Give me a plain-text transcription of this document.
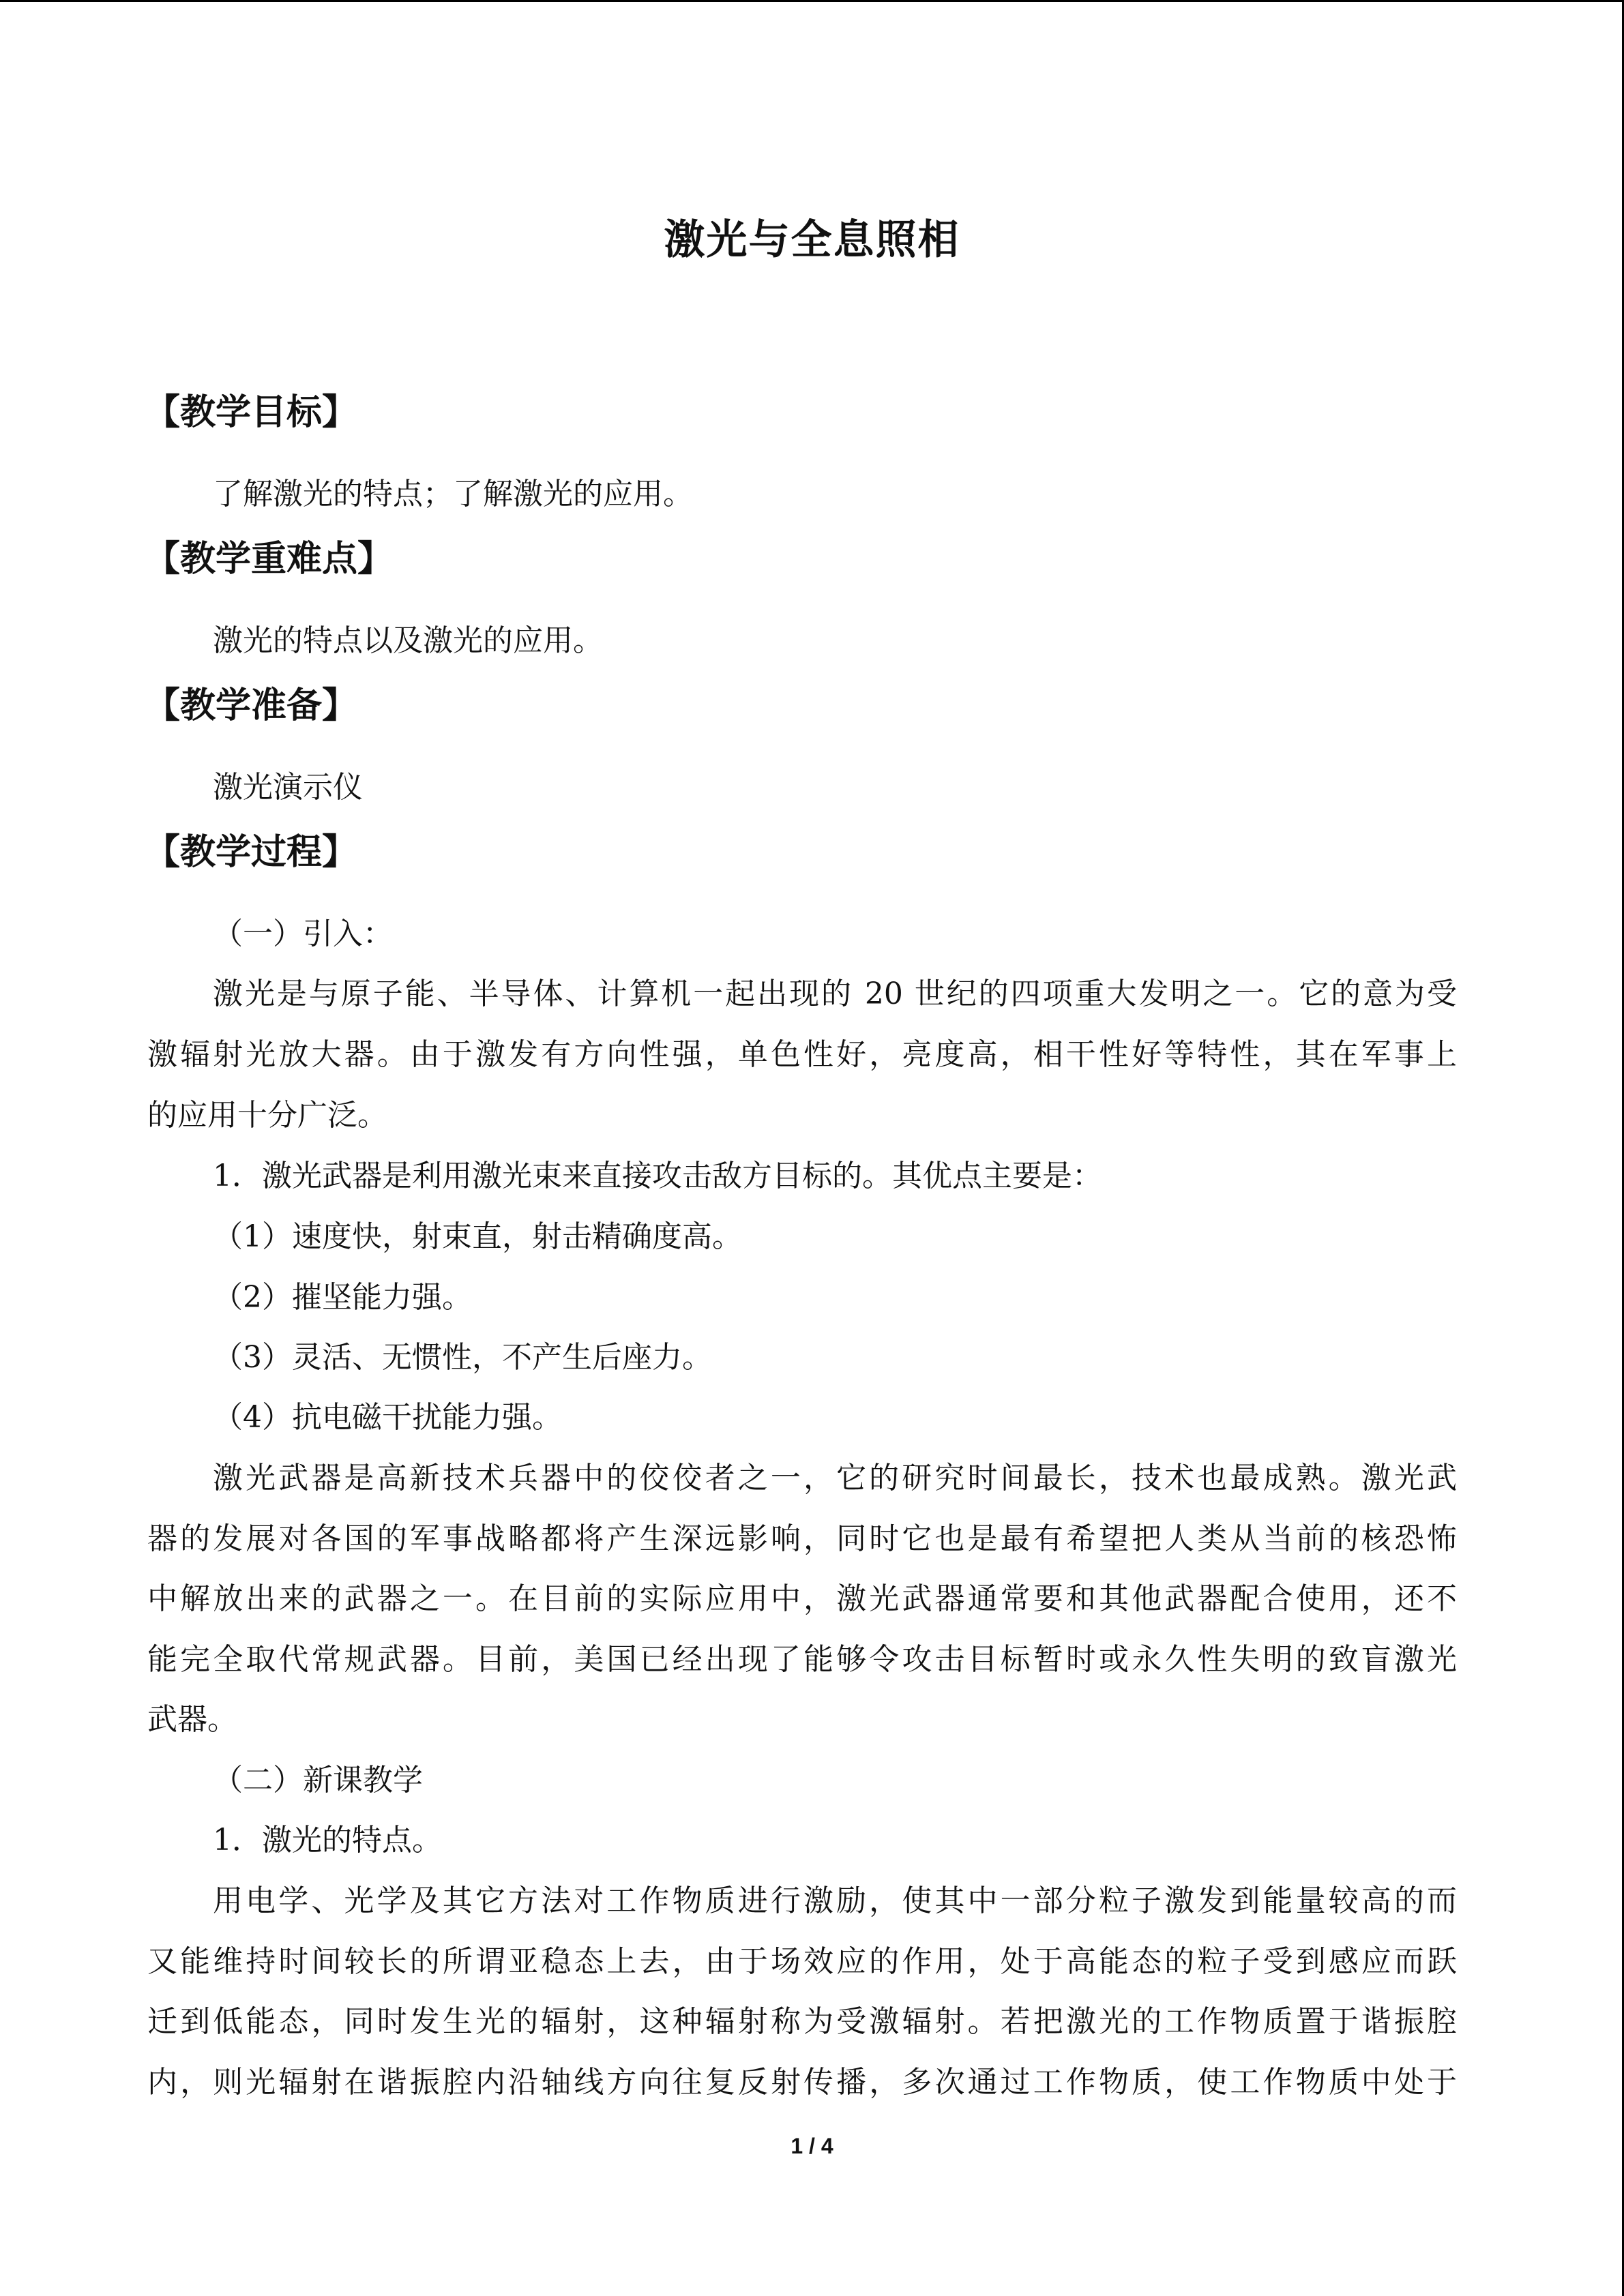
激光与全息照相
【教学目标】
了解激光的特点；了解激光的应用。
【教学重难点】
激光的特点以及激光的应用。
【教学准备】
激光演示仪
【教学过程】
（一）引入：
激光是与原子能、半导体、计算机一起出现的 20 世纪的四项重大发明之一。它的意为受
激辐射光放大器。由于激发有方向性强，单色性好，亮度高，相干性好等特性，其在军事上
的应用十分广泛。
1．激光武器是利用激光束来直接攻击敌方目标的。其优点主要是：
（1）速度快，射束直，射击精确度高。
（2）摧坚能力强。
（3）灵活、无惯性，不产生后座力。
（4）抗电磁干扰能力强。
激光武器是高新技术兵器中的佼佼者之一，它的研究时间最长，技术也最成熟。激光武
器的发展对各国的军事战略都将产生深远影响，同时它也是最有希望把人类从当前的核恐怖
中解放出来的武器之一。在目前的实际应用中，激光武器通常要和其他武器配合使用，还不
能完全取代常规武器。目前，美国已经出现了能够令攻击目标暂时或永久性失明的致盲激光
武器。
（二）新课教学
1．激光的特点。
用电学、光学及其它方法对工作物质进行激励，使其中一部分粒子激发到能量较高的而
又能维持时间较长的所谓亚稳态上去，由于场效应的作用，处于高能态的粒子受到感应而跃
迁到低能态，同时发生光的辐射，这种辐射称为受激辐射。若把激光的工作物质置于谐振腔
内，则光辐射在谐振腔内沿轴线方向往复反射传播，多次通过工作物质，使工作物质中处于
1 / 4
